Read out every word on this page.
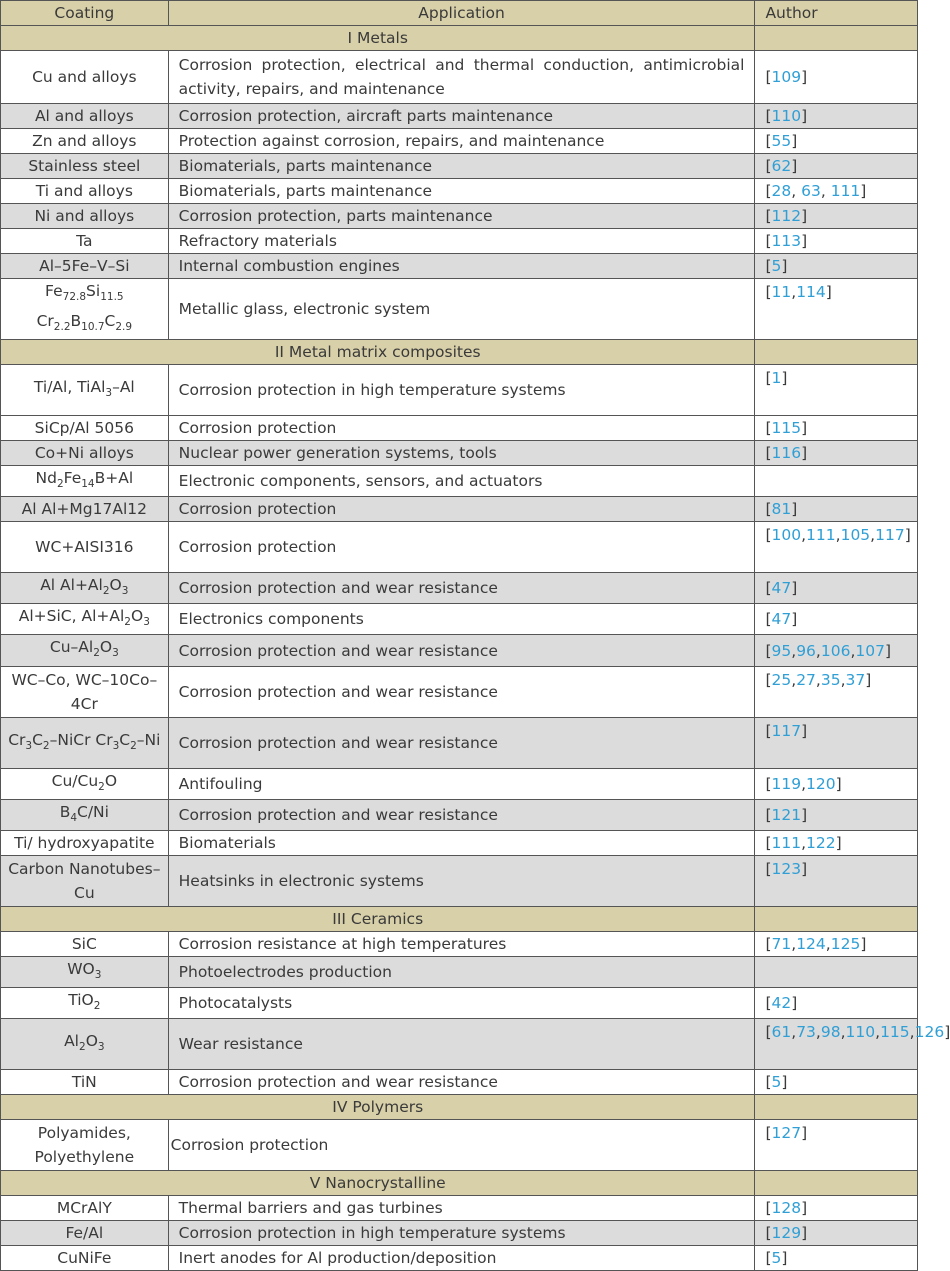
Coating	Application	Author
I Metals		
Cu and alloys	Corrosion protection, electrical and thermal conduction, antimicrobial activity, repairs, and maintenance	[109]
Al and alloys	Corrosion protection, aircraft parts maintenance	[110]
Zn and alloys	Protection against corrosion, repairs, and maintenance	[55]
Stainless steel	Biomaterials, parts maintenance	[62]
Ti and alloys	Biomaterials, parts maintenance	[28, 63, 111]
Ni and alloys	Corrosion protection, parts maintenance	[112]
Ta	Refractory materials	[113]
Al–5Fe–V–Si	Internal combustion engines	[5]
$Fe_{72.8}Si_{11.5}$ $Cr_{2.2}B_{10.7}C_{2.9}$	Metallic glass, electronic system	[11,114]
II Metal matrix composites		
Ti/Al, TiAl$_3$–Al	Corrosion protection in high temperature systems	[1]
SiCp/Al 5056	Corrosion protection	[115]
Co+Ni alloys	Nuclear power generation systems, tools	[116]
$Nd_2Fe_{14}B+Al$	Electronic components, sensors, and actuators	

Al Al+Mg17Al12	Corrosion protection	[81]
WC+AISI316	Corrosion protection	[100,111,105,117]
Al $Al+Al_2O_3$	Corrosion protection and wear resistance	[47]
Al+SiC, $Al+Al_2O_3$	Electronics components	[47]
$Cu-Al_2O_3$	Corrosion protection and wear resistance	[95,96,106,107]
WC–Co, WC–10Co– 4Cr	Corrosion protection and wear resistance	[25,27,35,37]
$Cr_3C_2$–NiCr $Cr_3C_2-Ni$	Corrosion protection and wear resistance	[117]
$Cu/Cu_2O$	Antifouling	[119,120]
$B_4C/Ni$	Corrosion protection and wear resistance	[121]
Ti/ hydroxyapatite	Biomaterials	[111,122]
Carbon Nanotubes–Cu	Heatsinks in electronic systems	[123]
III Ceramics		
SiC	Corrosion resistance at high temperatures	[71,124,125]
$WO_3$	Photoelectrodes production	

TiO$_2$	Photocatalysts	[42]
$Al_2O_3$	Wear resistance	[61,73,98,110,115,126]
TiN	Corrosion protection and wear resistance	[5]
IV Polymers		
Polyamides, Polyethylene	Corrosion protection	[127]
V Nanocrystalline		
MCrAlY	Thermal barriers and gas turbines	[128]
Fe/Al	Corrosion protection in high temperature systems	[129]
CuNiFe	Inert anodes for Al production/deposition	[5]
